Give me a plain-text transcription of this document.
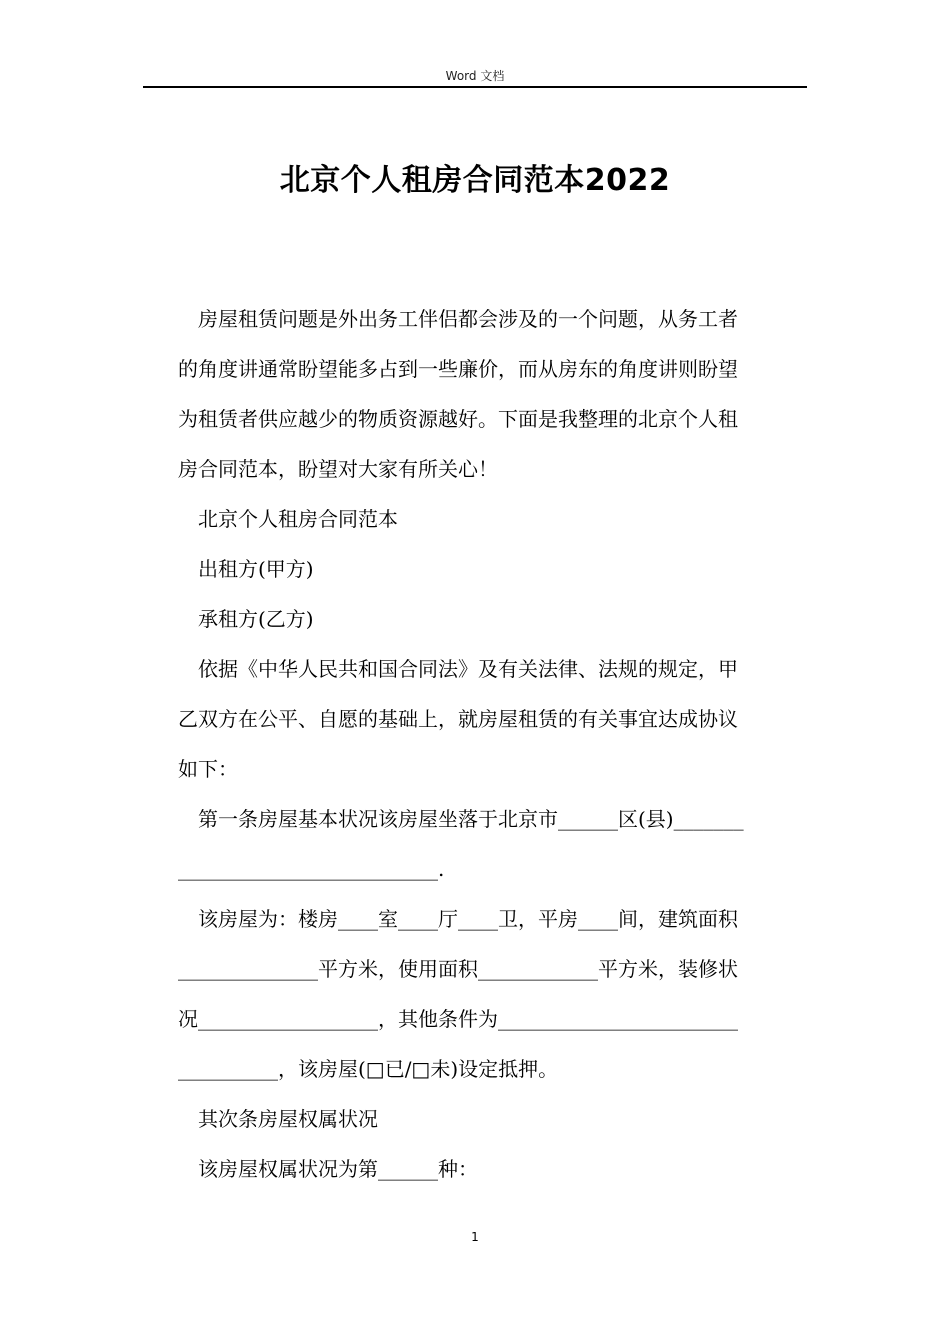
Word 文档
北京个人租房合同范本2022

房屋租赁问题是外出务工伴侣都会涉及的一个问题，从务工者

的角度讲通常盼望能多占到一些廉价，而从房东的角度讲则盼望

为租赁者供应越少的物质资源越好。下面是我整理的北京个人租

房合同范本，盼望对大家有所关心！

北京个人租房合同范本

出租方(甲方)

承租方(乙方)

依据《中华人民共和国合同法》及有关法律、法规的规定，甲

乙双方在公平、自愿的基础上，就房屋租赁的有关事宜达成协议

如下：

第一条房屋基本状况该房屋坐落于北京市______区(县)_______

__________________________.

该房屋为：楼房____室____厅____卫，平房____间，建筑面积

______________平方米，使用面积____________平方米，装修状

况__________________，其他条件为________________________

__________，该房屋(□已/□未)设定抵押。

其次条房屋权属状况

该房屋权属状况为第______种：

1
